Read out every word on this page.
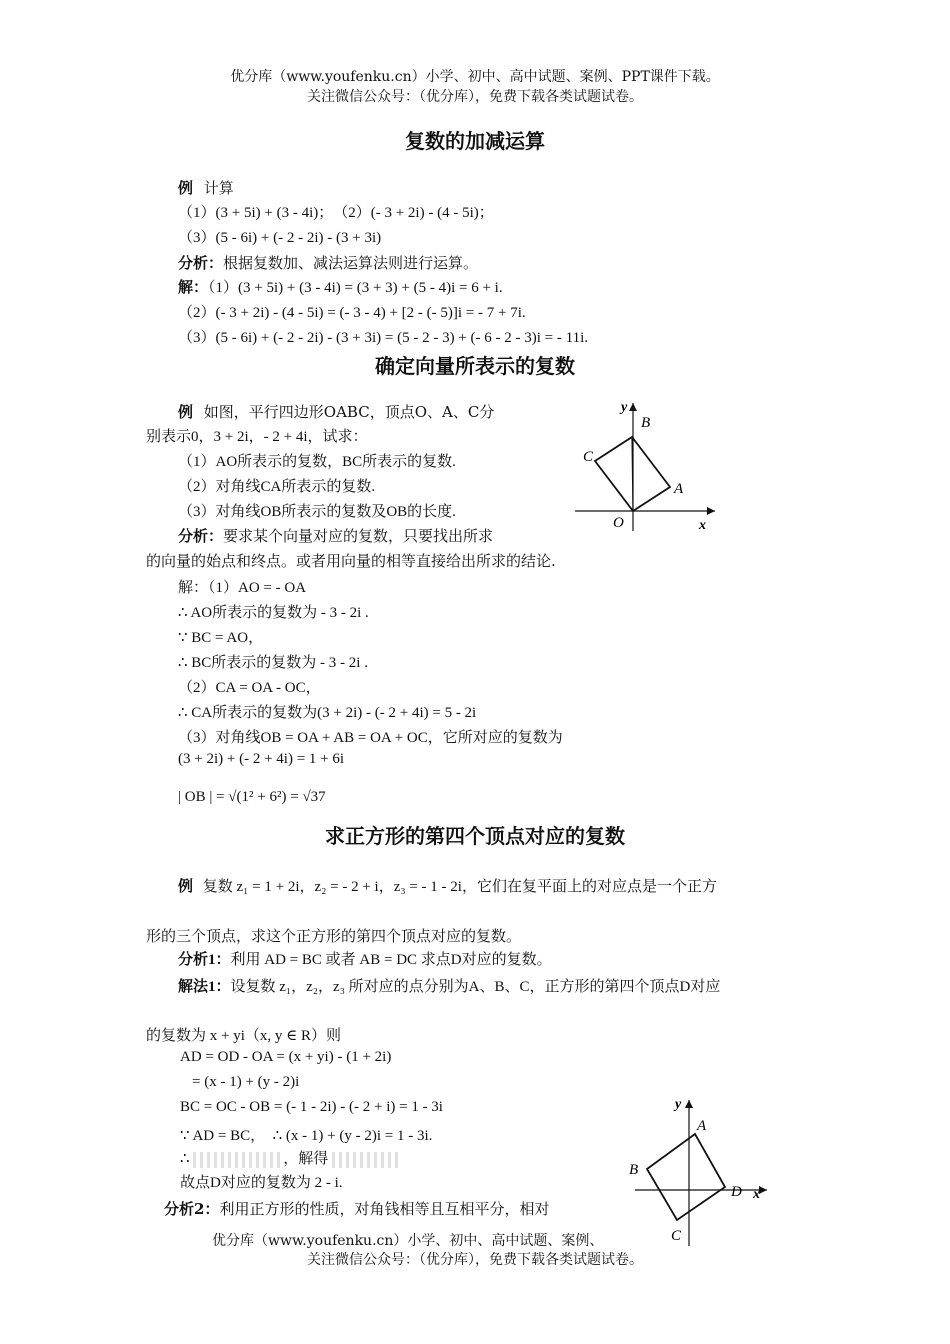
优分库（www.youfenku.cn）小学、初中、高中试题、案例、PPT课件下载。
关注微信公众号：（优分库），免费下载各类试题试卷。
复数的加减运算
例 计算
（1）(3 + 5i) + (3 - 4i)；　（2）(- 3 + 2i) - (4 - 5i)；
（3）(5 - 6i) + (- 2 - 2i) - (3 + 3i)
分析：根据复数加、减法运算法则进行运算。
解：（1）(3 + 5i) + (3 - 4i) = (3 + 3) + (5 - 4)i = 6 + i.
（2）(- 3 + 2i) - (4 - 5i) = (- 3 - 4) + [2 - (- 5)]i = - 7 + 7i.
（3）(5 - 6i) + (- 2 - 2i) - (3 + 3i) = (5 - 2 - 3) + (- 6 - 2 - 3)i = - 11i.
确定向量所表示的复数
例 如图，平行四边形OABC，顶点O、A、C分
别表示0，3 + 2i，- 2 + 4i，试求：
（1）AO所表示的复数，BC所表示的复数.
（2）对角线CA所表示的复数.
（3）对角线OB所表示的复数及OB的长度.
分析：要求某个向量对应的复数，只要找出所求
的向量的始点和终点。或者用向量的相等直接给出所求的结论.
解：（1）AO = - OA
∴ AO所表示的复数为 - 3 - 2i .
∵ BC = AO，
∴ BC所表示的复数为 - 3 - 2i .
（2）CA = OA - OC，
∴ CA所表示的复数为(3 + 2i) - (- 2 + 4i) = 5 - 2i
（3）对角线OB = OA + AB = OA + OC，它所对应的复数为
(3 + 2i) + (- 2 + 4i) = 1 + 6i
| OB | = √(1² + 6²) = √37
y
x
O
A
B
C
求正方形的第四个顶点对应的复数
例 复数 z₁ = 1 + 2i，z₂ = - 2 + i，z₃ = - 1 - 2i，它们在复平面上的对应点是一个正方
形的三个顶点，求这个正方形的第四个顶点对应的复数。
分析1：利用 AD = BC 或者 AB = DC 求点D对应的复数。
解法1：设复数 z₁，z₂，z₃ 所对应的点分别为A、B、C，正方形的第四个顶点D对应
的复数为 x + yi（x, y ∈ R）则
AD = OD - OA = (x + yi) - (1 + 2i)
= (x - 1) + (y - 2)i
BC = OC - OB = (- 1 - 2i) - (- 2 + i) = 1 - 3i
∵ AD = BC，　∴ (x - 1) + (y - 2)i = 1 - 3i.
∴	，解得
故点D对应的复数为 2 - i.
分析2：利用正方形的性质，对角钱相等且互相平分，相对
y
x
A
B
C
D
优分库（www.youfenku.cn）小学、初中、高中试题、案例、
关注微信公众号：（优分库），免费下载各类试题试卷。
